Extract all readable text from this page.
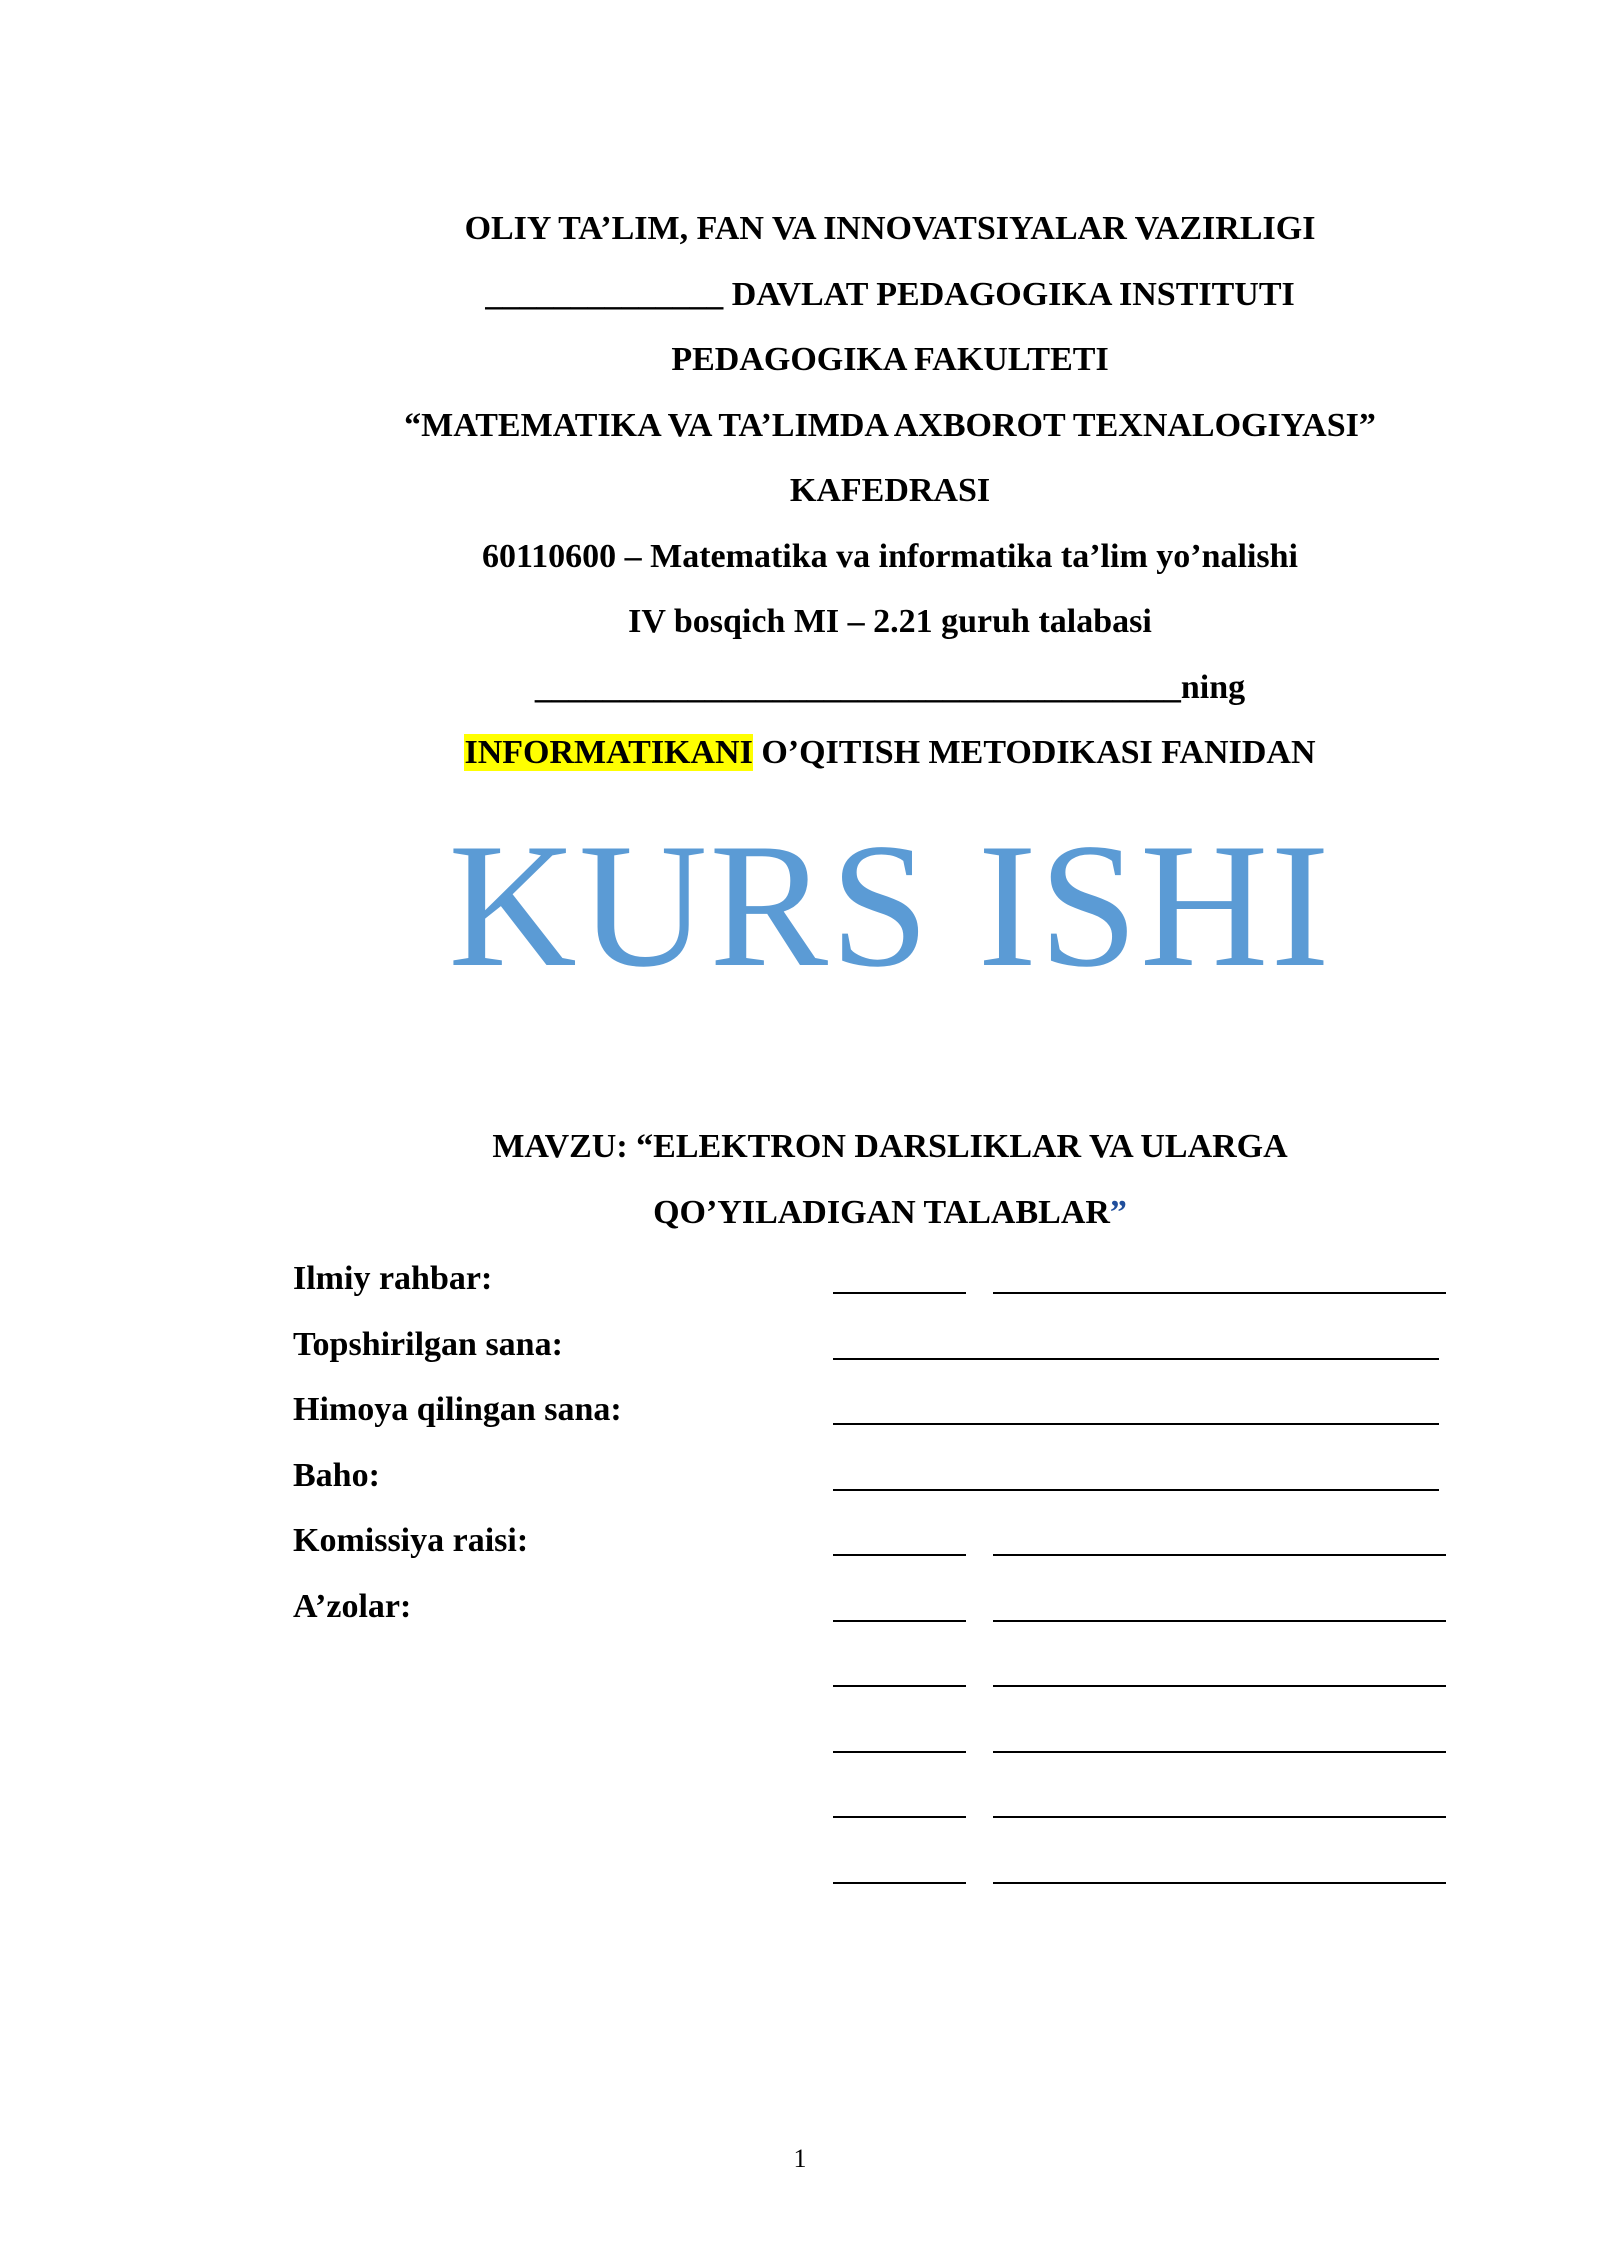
OLIY TA’LIM, FAN VA INNOVATSIYALAR VAZIRLIGI
______________ DAVLAT PEDAGOGIKA INSTITUTI
PEDAGOGIKA FAKULTETI
“MATEMATIKA VA TA’LIMDA AXBOROT TEXNALOGIYASI”
KAFEDRASI
60110600 – Matematika va informatika ta’lim yo’nalishi
IV bosqich MI – 2.21 guruh talabasi
______________________________________ning
INFORMATIKANI O’QITISH METODIKASI FANIDAN
KURS ISHI
MAVZU: “ELEKTRON DARSLIKLAR VA ULARGA
QO’YILADIGAN TALABLAR”
Ilmiy rahbar:
Topshirilgan sana:
Himoya qilingan sana:
Baho:
Komissiya raisi:
A’zolar:
1
